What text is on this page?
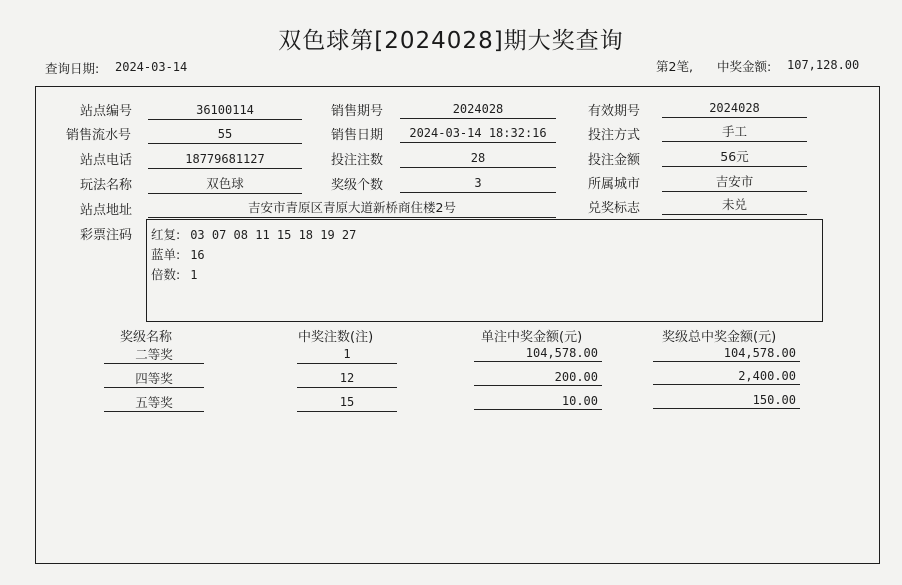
双色球第[2024028]期大奖查询
查询日期: 2024-03-14	第2笔, 中奖金额: 107,128.00
站点编号	36100114	销售期号	2024028	有效期号	2024028
销售流水号	55	销售日期	2024-03-14 18:32:16	投注方式	手工
站点电话	18779681127	投注注数	28	投注金额	56元
玩法名称	双色球	奖级个数	3	所属城市	吉安市
站点地址	吉安市青原区青原大道新桥商住楼2号	兑奖标志	未兑
彩票注码 红复: 03 07 08 11 15 18 19 27
蓝单: 16
倍数: 1
奖级名称	中奖注数(注)	单注中奖金额(元)	奖级总中奖金额(元)
二等奖	1	104,578.00	104,578.00
四等奖	12	200.00	2,400.00
五等奖	15	10.00	150.00
